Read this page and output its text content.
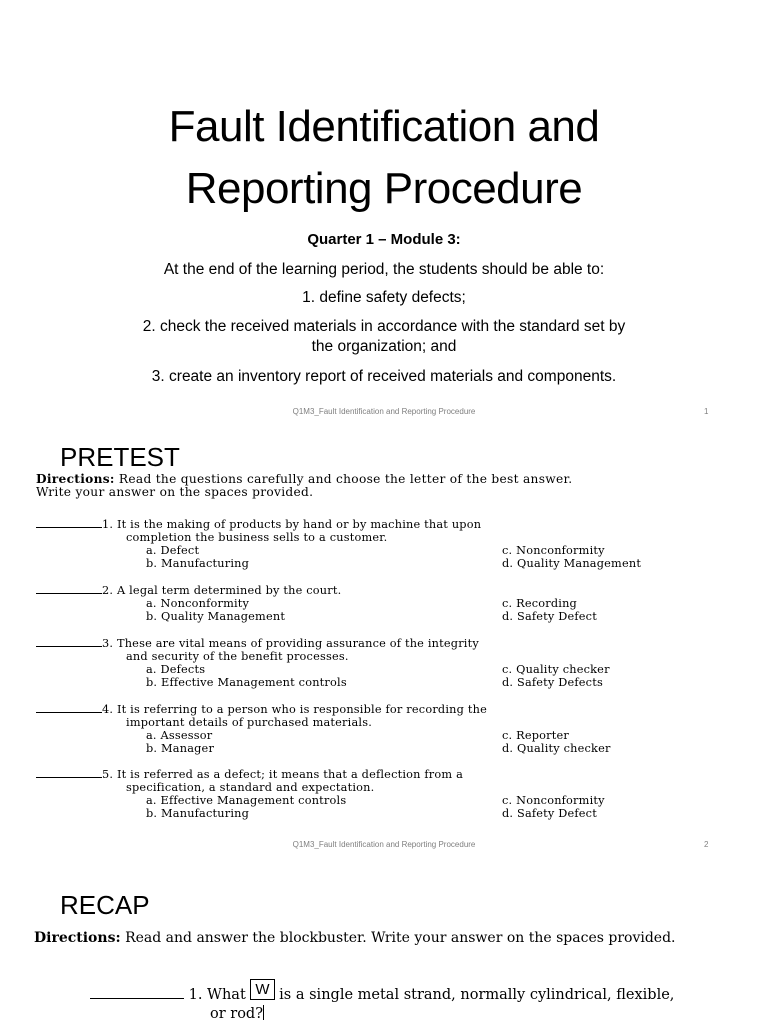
Fault Identification and
Reporting Procedure
Quarter 1 – Module 3:
At the end of the learning period, the students should be able to:
1. define safety defects;
2. check the received materials in accordance with the standard set by
the organization; and
3. create an inventory report of received materials and components.
Q1M3_Fault Identification and Reporting Procedure	1
PRETEST
Directions: Read the questions carefully and choose the letter of the best answer.
Write your answer on the spaces provided.
1. It is the making of products by hand or by machine that upon
completion the business sells to a customer.
a. Defect	c. Nonconformity
b. Manufacturing	d. Quality Management
2. A legal term determined by the court.
a. Nonconformity	c. Recording
b. Quality Management	d. Safety Defect
3. These are vital means of providing assurance of the integrity
and security of the benefit processes.
a. Defects	c. Quality checker
b. Effective Management controls	d. Safety Defects
4. It is referring to a person who is responsible for recording the
important details of purchased materials.
a. Assessor	c. Reporter
b. Manager	d. Quality checker
5. It is referred as a defect; it means that a deflection from a
specification, a standard and expectation.
a. Effective Management controls	c. Nonconformity
b. Manufacturing	d. Safety Defect
Q1M3_Fault Identification and Reporting Procedure	2
RECAP
Directions: Read and answer the blockbuster. Write your answer on the spaces provided.
1. What W is a single metal strand, normally cylindrical, flexible,
or rod?
